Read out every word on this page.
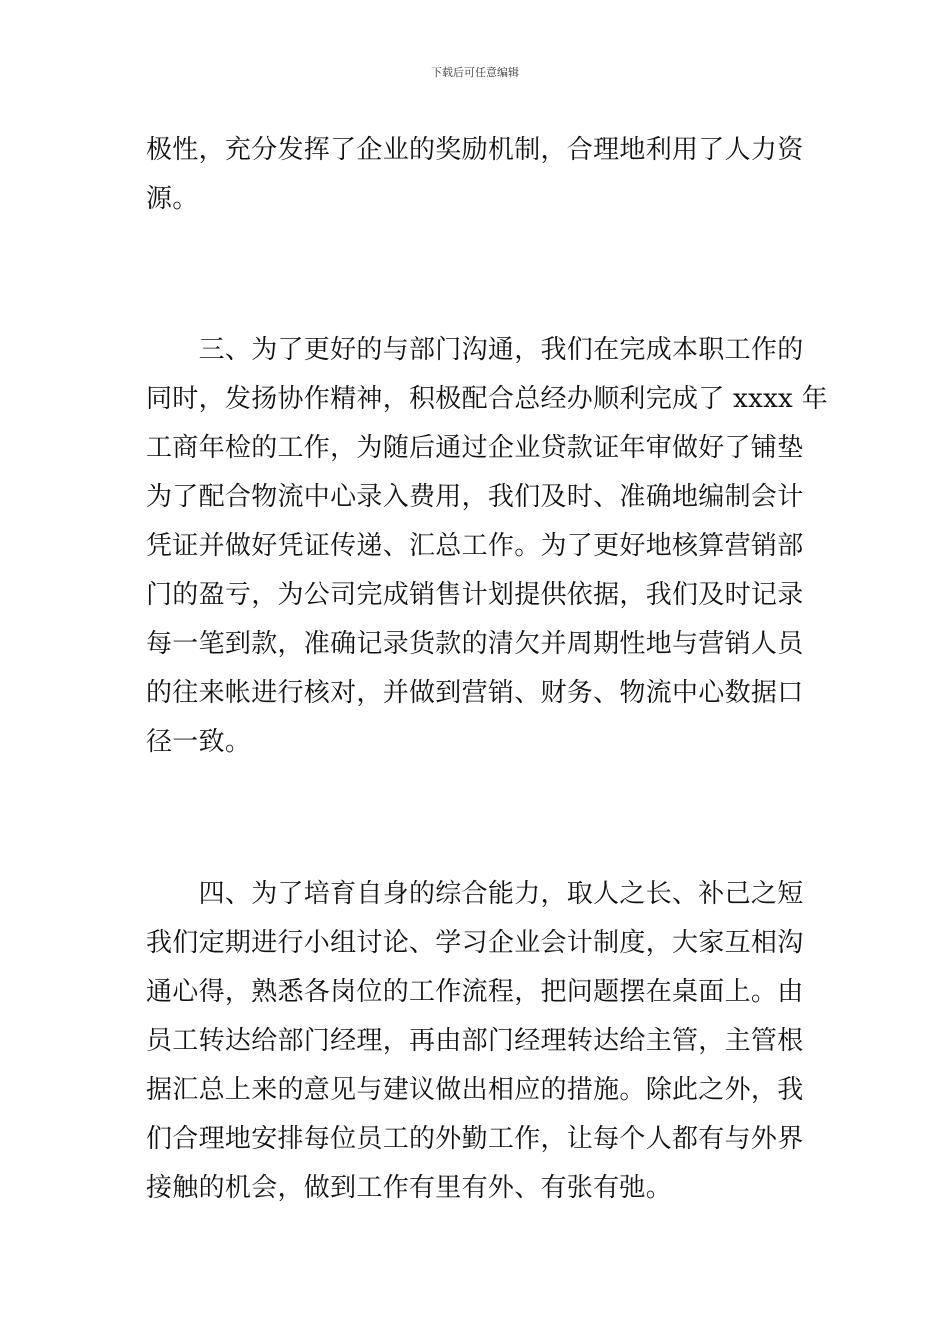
下载后可任意编辑
极性，充分发挥了企业的奖励机制，合理地利用了人力资
源。
　　三、为了更好的与部门沟通，我们在完成本职工作的
同时，发扬协作精神，积极配合总经办顺利完成了 xxxx 年
工商年检的工作，为随后通过企业贷款证年审做好了铺垫
为了配合物流中心录入费用，我们及时、准确地编制会计
凭证并做好凭证传递、汇总工作。为了更好地核算营销部
门的盈亏，为公司完成销售计划提供依据，我们及时记录
每一笔到款，准确记录货款的清欠并周期性地与营销人员
的往来帐进行核对，并做到营销、财务、物流中心数据口
径一致。
　　四、为了培育自身的综合能力，取人之长、补己之短
我们定期进行小组讨论、学习企业会计制度，大家互相沟
通心得，熟悉各岗位的工作流程，把问题摆在桌面上。由
员工转达给部门经理，再由部门经理转达给主管，主管根
据汇总上来的意见与建议做出相应的措施。除此之外，我
们合理地安排每位员工的外勤工作，让每个人都有与外界
接触的机会，做到工作有里有外、有张有弛。
